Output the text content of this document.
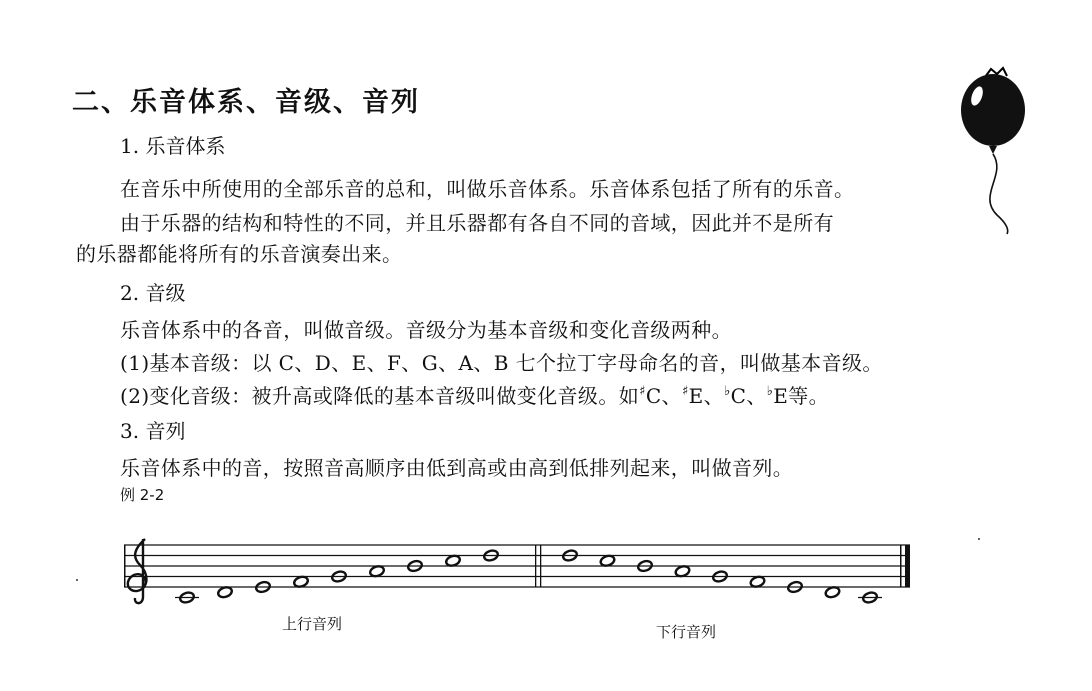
二、乐音体系、音级、音列
1. 乐音体系
在音乐中所使用的全部乐音的总和，叫做乐音体系。乐音体系包括了所有的乐音。
由于乐器的结构和特性的不同，并且乐器都有各自不同的音域，因此并不是所有
的乐器都能将所有的乐音演奏出来。
2. 音级
乐音体系中的各音，叫做音级。音级分为基本音级和变化音级两种。
(1)基本音级：以 C、D、E、F、G、A、B 七个拉丁字母命名的音，叫做基本音级。
(2)变化音级：被升高或降低的基本音级叫做变化音级。如♯C、♯E、♭C、♭E等。
3. 音列
乐音体系中的音，按照音高顺序由低到高或由高到低排列起来，叫做音列。
例 2-2
上行音列	下行音列
